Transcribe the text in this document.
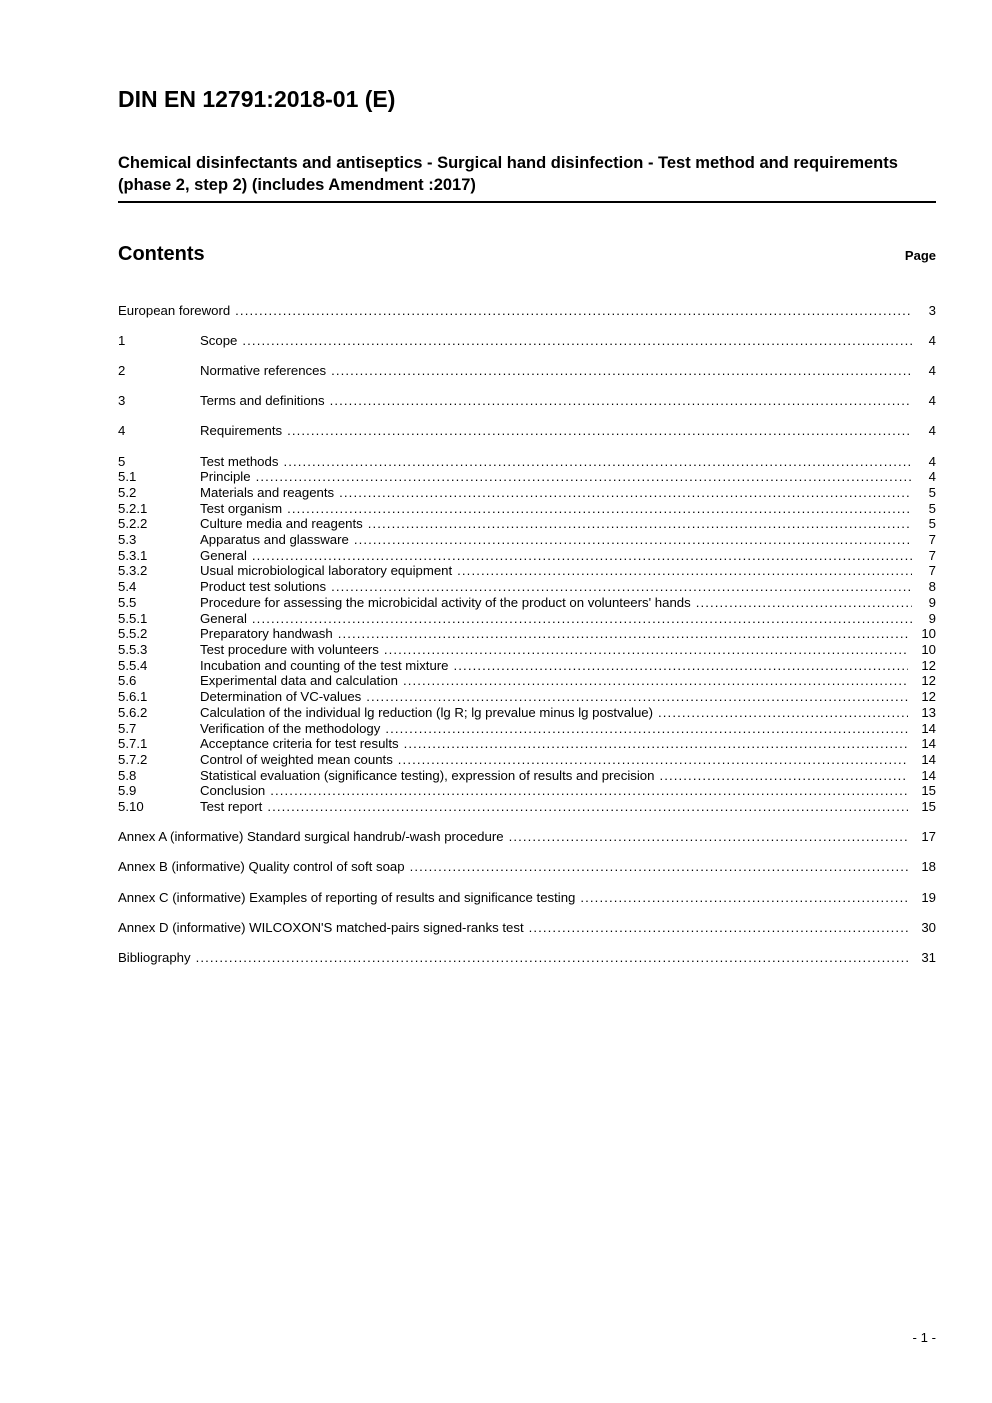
DIN EN 12791:2018-01 (E)
Chemical disinfectants and antiseptics - Surgical hand disinfection - Test method and requirements (phase 2, step 2) (includes Amendment :2017)
Contents	Page
European foreword .....	3
1	Scope .....	4
2	Normative references .....	4
3	Terms and definitions .....	4
4	Requirements .....	4
5	Test methods .....	4
5.1	Principle .....	4
5.2	Materials and reagents .....	5
5.2.1	Test organism .....	5
5.2.2	Culture media and reagents .....	5
5.3	Apparatus and glassware .....	7
5.3.1	General .....	7
5.3.2	Usual microbiological laboratory equipment .....	7
5.4	Product test solutions .....	8
5.5	Procedure for assessing the microbicidal activity of the product on volunteers' hands .....	9
5.5.1	General .....	9
5.5.2	Preparatory handwash .....	10
5.5.3	Test procedure with volunteers .....	10
5.5.4	Incubation and counting of the test mixture .....	12
5.6	Experimental data and calculation .....	12
5.6.1	Determination of VC-values .....	12
5.6.2	Calculation of the individual lg reduction (lg R; lg prevalue minus lg postvalue) .....	13
5.7	Verification of the methodology .....	14
5.7.1	Acceptance criteria for test results .....	14
5.7.2	Control of weighted mean counts .....	14
5.8	Statistical evaluation (significance testing), expression of results and precision .....	14
5.9	Conclusion .....	15
5.10	Test report .....	15
Annex A (informative) Standard surgical handrub/-wash procedure .....	17
Annex B (informative) Quality control of soft soap .....	18
Annex C (informative) Examples of reporting of results and significance testing .....	19
Annex D (informative) WILCOXON'S matched-pairs signed-ranks test .....	30
Bibliography .....	31
- 1 -
